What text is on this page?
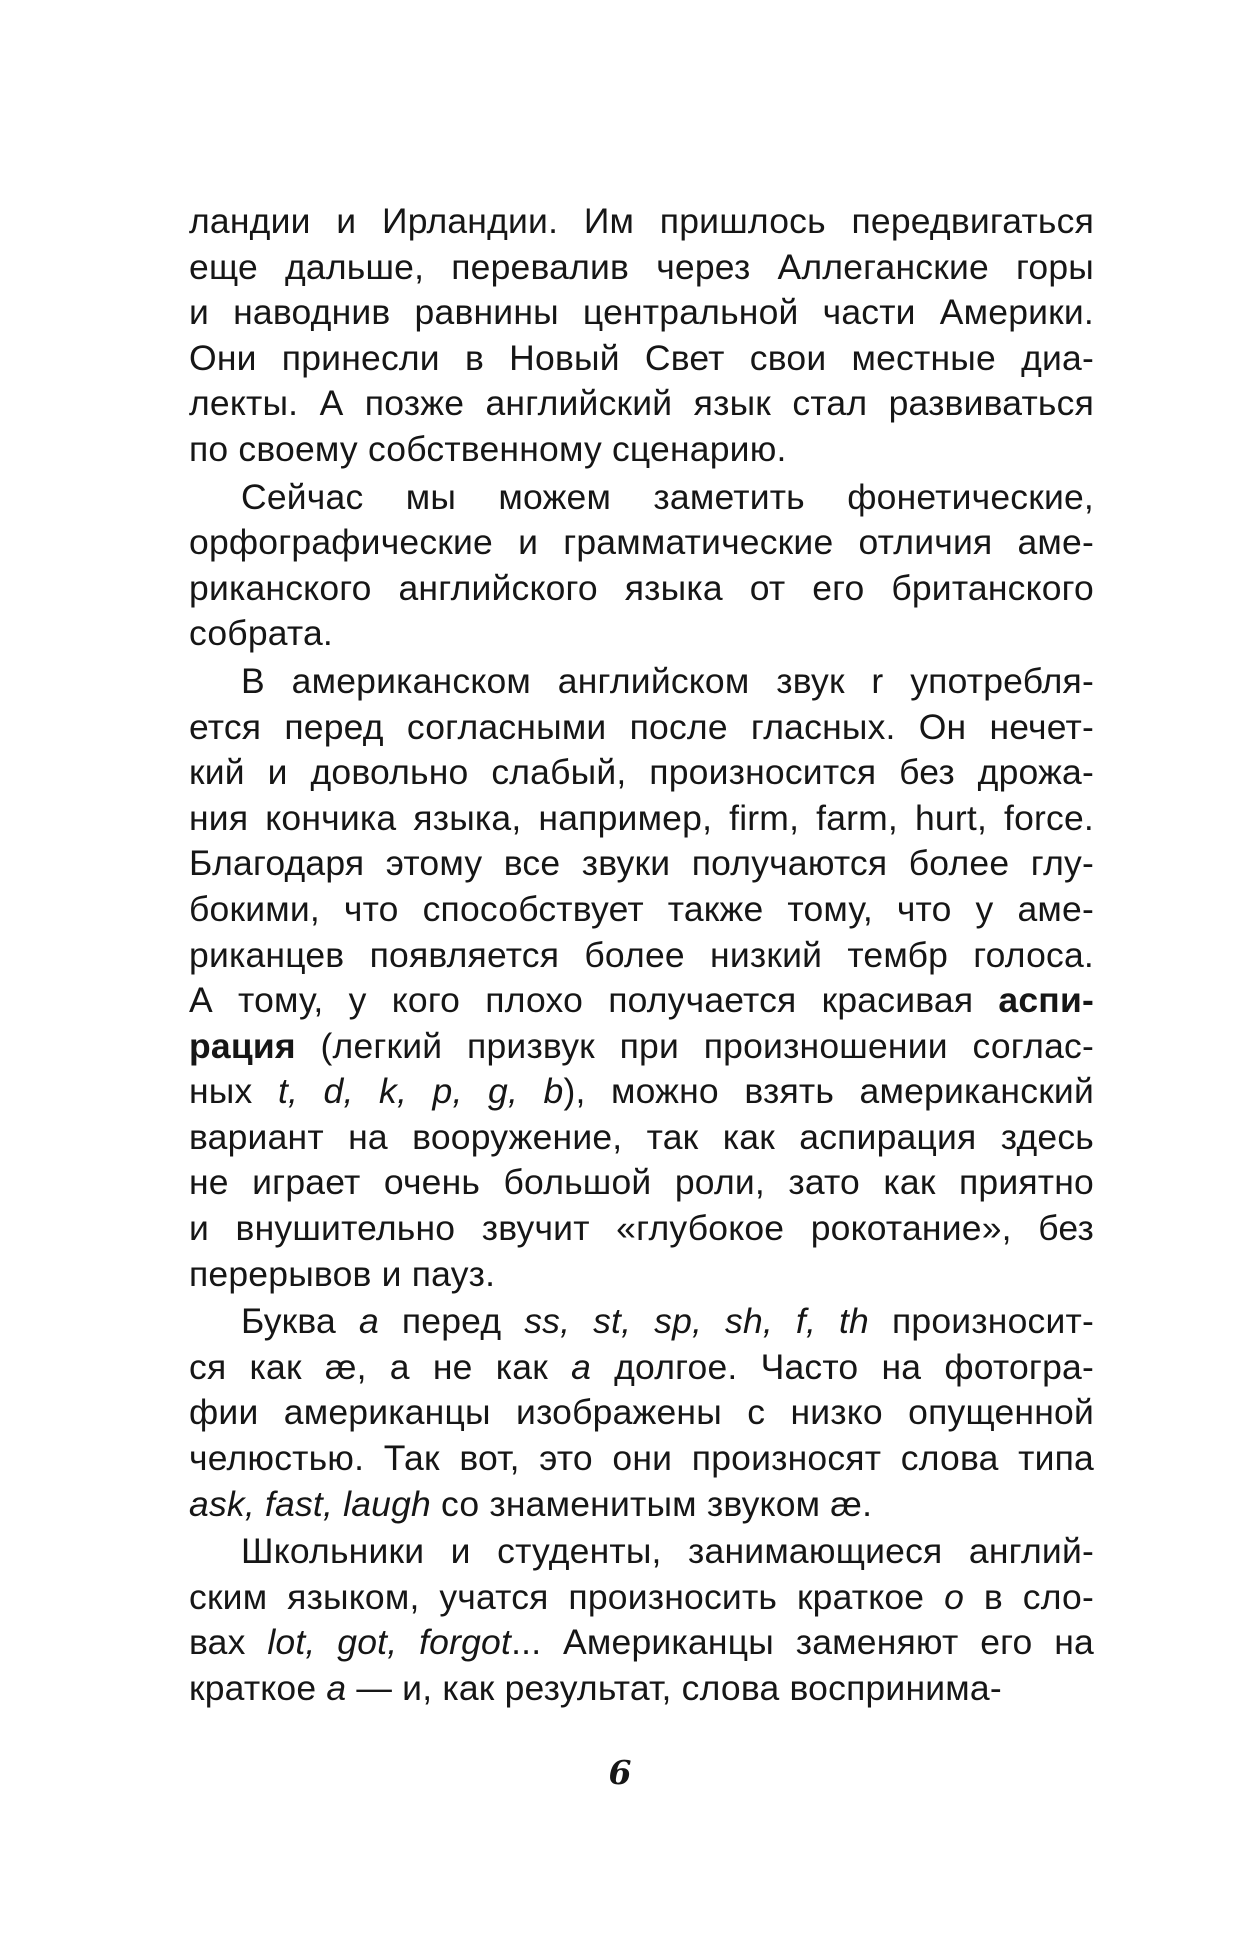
ландии и Ирландии. Им пришлось передвигаться
еще дальше, перевалив через Аллеганские горы
и наводнив равнины центральной части Америки.
Они принесли в Новый Свет свои местные диа-
лекты. А позже английский язык стал развиваться
по своему собственному сценарию.
Сейчас мы можем заметить фонетические,
орфографические и грамматические отличия аме-
риканского английского языка от его британского
собрата.
В американском английском звук r употребля-
ется перед согласными после гласных. Он нечет-
кий и довольно слабый, произносится без дрожа-
ния кончика языка, например, firm, farm, hurt, force.
Благодаря этому все звуки получаются более глу-
бокими, что способствует также тому, что у аме-
риканцев появляется более низкий тембр голоса.
А тому, у кого плохо получается красивая аспи-
рация (легкий призвук при произношении соглас-
ных t, d, k, p, g, b), можно взять американский
вариант на вооружение, так как аспирация здесь
не играет очень большой роли, зато как приятно
и внушительно звучит «глубокое рокотание», без
перерывов и пауз.
Буква a перед ss, st, sp, sh, f, th произносит-
ся как æ, а не как a долгое. Часто на фотогра-
фии американцы изображены с низко опущенной
челюстью. Так вот, это они произносят слова типа
ask, fast, laugh со знаменитым звуком æ.
Школьники и студенты, занимающиеся англий-
ским языком, учатся произносить краткое o в сло-
вах lot, got, forgot... Американцы заменяют его на
краткое a — и, как результат, слова воспринима-
6
